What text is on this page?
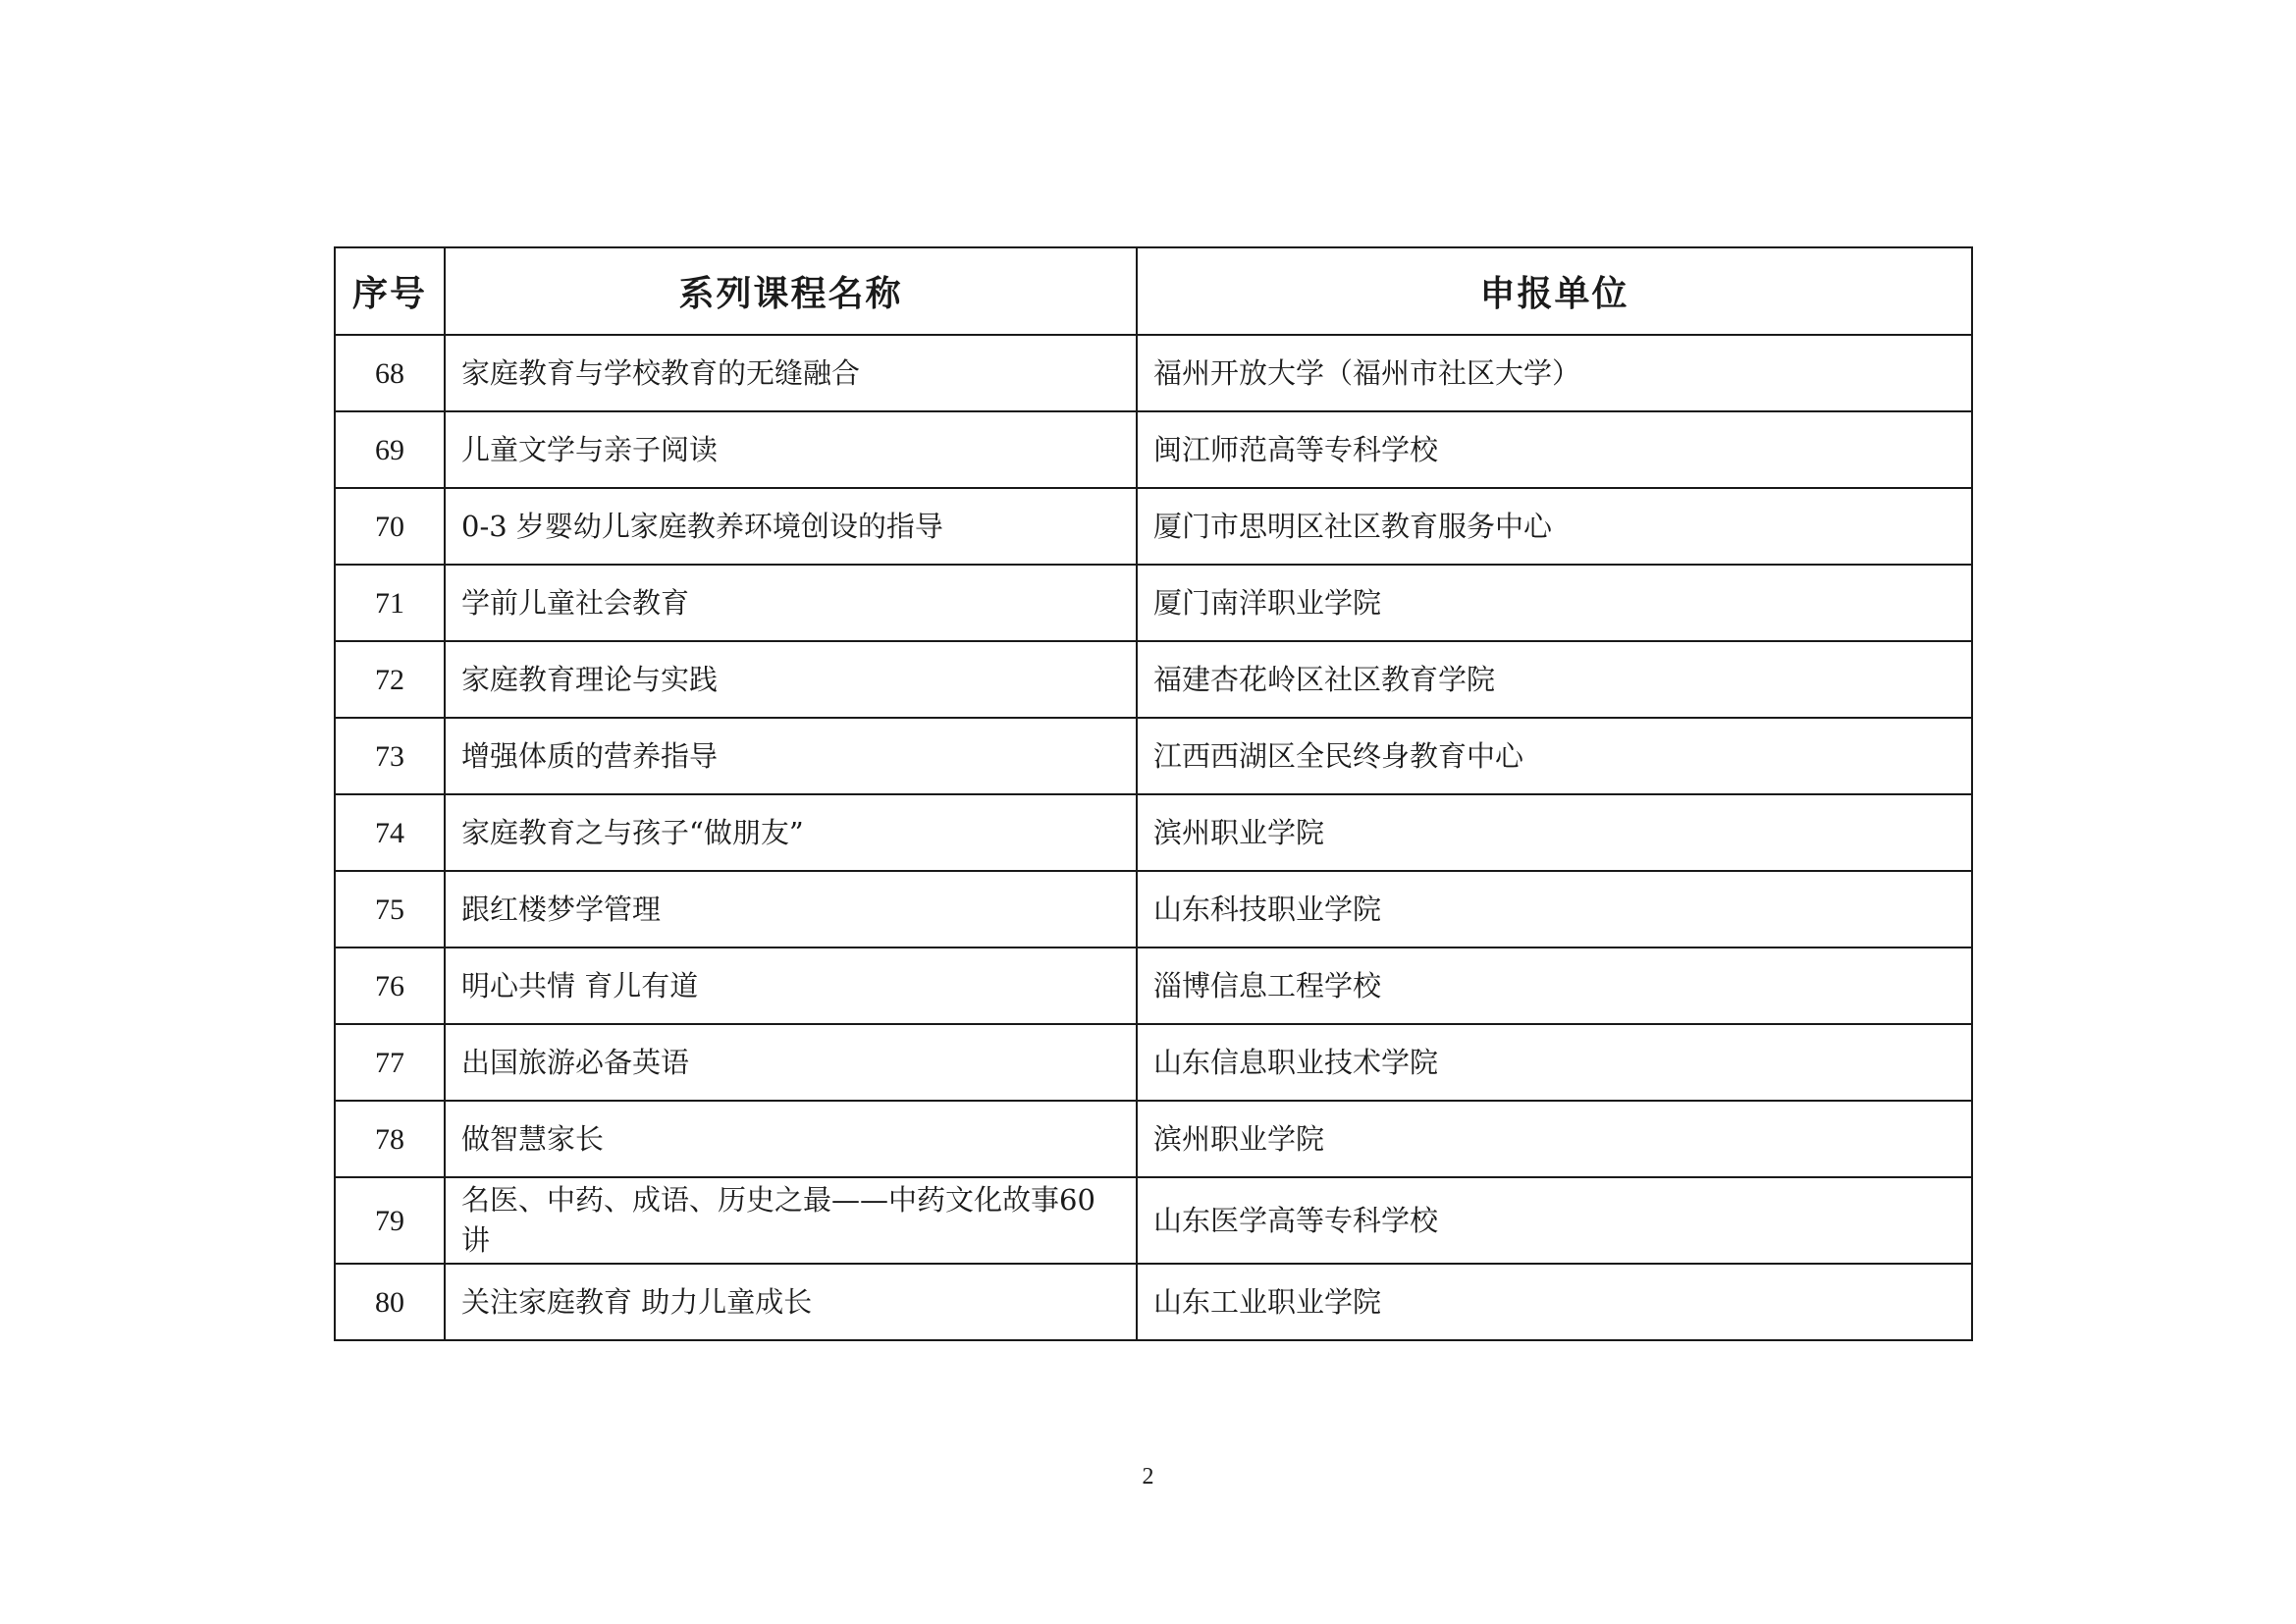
序号	系列课程名称	申报单位
68	家庭教育与学校教育的无缝融合	福州开放大学（福州市社区大学）
69	儿童文学与亲子阅读	闽江师范高等专科学校
70	0-3 岁婴幼儿家庭教养环境创设的指导	厦门市思明区社区教育服务中心
71	学前儿童社会教育	厦门南洋职业学院
72	家庭教育理论与实践	福建杏花岭区社区教育学院
73	增强体质的营养指导	江西西湖区全民终身教育中心
74	家庭教育之与孩子“做朋友”	滨州职业学院
75	跟红楼梦学管理	山东科技职业学院
76	明心共情 育儿有道	淄博信息工程学校
77	出国旅游必备英语	山东信息职业技术学院
78	做智慧家长	滨州职业学院
79	名医、中药、成语、历史之最——中药文化故事60 讲	山东医学高等专科学校
80	关注家庭教育 助力儿童成长	山东工业职业学院
2
